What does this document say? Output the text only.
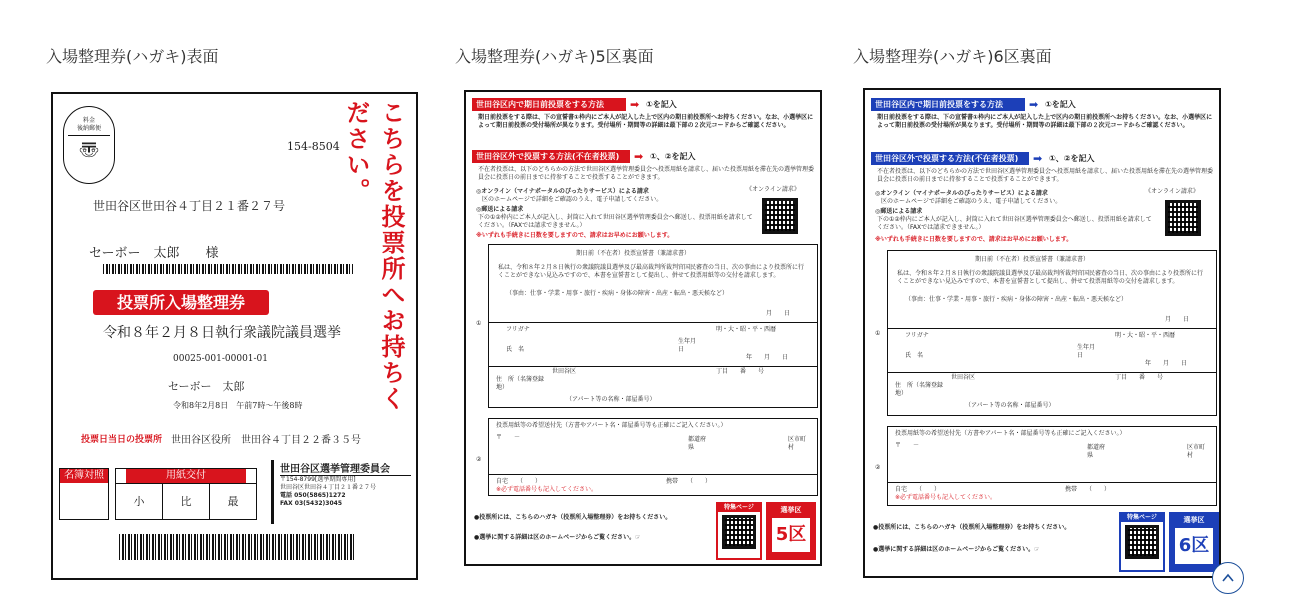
入場整理券(ハガキ)表面	入場整理券(ハガキ)5区裏面	入場整理券(ハガキ)6区裏面
料金
後納郵便
〠	154-8504
世田谷区世田谷４丁目２１番２７号
セーボー　太郎　　様	こちらを投票所へお持ちください。
投票所入場整理券
令和８年２月８日執行衆議院議員選挙
00025-001-00001-01
セーボー　太郎
令和8年2月8日　午前7時～午後8時
投票日当日の投票所 世田谷区役所　世田谷４丁目２２番３５号
名簿対照	用紙交付
小	比	最
世田谷区選挙管理委員会
〒154-8799[選挙期間専用]
世田谷区世田谷４丁目２１番２７号
電話 050(5865)1272
FAX 03(5432)3045
世田谷区内で期日前投票をする方法	➡ ①を記入
期日前投票をする際は、下の宣誓書①枠内にご本人が記入した上で区内の期日前投票所へお持ちください。なお、小選挙区によって期日前投票の受付場所が異なります。受付場所・期間等の詳細は最下部の２次元コードからご確認ください。
世田谷区外で投票する方法(不在者投票)	➡ ①、②を記入
不在者投票は、以下のどちらかの方法で世田谷区選挙管理委員会へ投票用紙を請求し、届いた投票用紙を滞在先の選挙管理委員会に投票日の前日までに持参することで投票することができます。
◎オンライン（マイナポータルのぴったりサービス）による請求
区のホームページで詳細をご確認のうえ、電子申請してください。
《オンライン請求》
◎郵送による請求
下の①②枠内にご本人が記入し、封筒に入れて世田谷区選挙管理委員会へ郵送し、投票用紙を請求してください。（FAXでは請求できません。）
※いずれも手続きに日数を要しますので、請求はお早めにお願いします。
①
期日前（不在者）投票宣誓書（兼請求書）
私は、令和８年２月８日執行の衆議院議員選挙及び最高裁判所裁判官国民審査の当日、次の事由により投票所に行くことができない見込みですので、本書を宣誓書として提出し、併せて投票用紙等の交付を請求します。
（事由：仕事・学業・用事・旅行・疾病・身体の障害・出産・転出・悪天候など）
月　　日
フリガナ	明・大・昭・平・西暦
氏　名
生年月日
年　　月　　日
住　所（名簿登録地）
世田谷区	丁目　　番　　号
（アパート等の名称・部屋番号）
②
投票用紙等の希望送付先（方書やアパート名・部屋番号等も正確にご記入ください。）
〒　　－	都道府県
区市町村
自宅　　（　　）	携帯　　（　　）
※必ず電話番号も記入してください。
●投票所には、こちらのハガキ（投票所入場整理券）をお持ちください。
●選挙に関する詳細は区のホームページからご覧ください。☞
特集ページ	選挙区
5区
世田谷区内で期日前投票をする方法	➡ ①を記入
期日前投票をする際は、下の宣誓書①枠内にご本人が記入した上で区内の期日前投票所へお持ちください。なお、小選挙区によって期日前投票の受付場所が異なります。受付場所・期間等の詳細は最下部の２次元コードからご確認ください。
世田谷区外で投票する方法(不在者投票)	➡ ①、②を記入
不在者投票は、以下のどちらかの方法で世田谷区選挙管理委員会へ投票用紙を請求し、届いた投票用紙を滞在先の選挙管理委員会に投票日の前日までに持参することで投票することができます。
◎オンライン（マイナポータルのぴったりサービス）による請求
区のホームページで詳細をご確認のうえ、電子申請してください。
《オンライン請求》
◎郵送による請求
下の①②枠内にご本人が記入し、封筒に入れて世田谷区選挙管理委員会へ郵送し、投票用紙を請求してください。（FAXでは請求できません。）
※いずれも手続きに日数を要しますので、請求はお早めにお願いします。
①
期日前（不在者）投票宣誓書（兼請求書）
私は、令和８年２月８日執行の衆議院議員選挙及び最高裁判所裁判官国民審査の当日、次の事由により投票所に行くことができない見込みですので、本書を宣誓書として提出し、併せて投票用紙等の交付を請求します。
（事由：仕事・学業・用事・旅行・疾病・身体の障害・出産・転出・悪天候など）
月　　日
フリガナ	明・大・昭・平・西暦
氏　名
生年月日
年　　月　　日
住　所（名簿登録地）
世田谷区	丁目　　番　　号
（アパート等の名称・部屋番号）
②
投票用紙等の希望送付先（方書やアパート名・部屋番号等も正確にご記入ください。）
〒　　－	都道府県
区市町村
自宅　　（　　）	携帯　　（　　）
※必ず電話番号も記入してください。
●投票所には、こちらのハガキ（投票所入場整理券）をお持ちください。
●選挙に関する詳細は区のホームページからご覧ください。☞
特集ページ	選挙区
6区
